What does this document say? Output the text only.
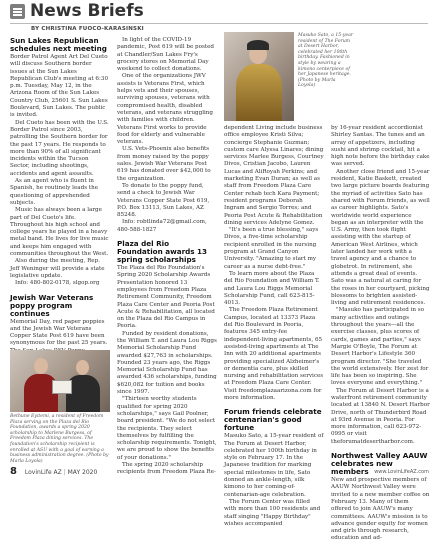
News Briefs
BY CHRISTINA FUOCO-KARASINSKI
Sun Lakes Republican schedules next meeting

Border Patrol Agent Art Del Cueto will discuss Southern border issues at the Sun Lakes Republican Club's meeting at 6:30 p.m. Tuesday, May 12, in the Arizona Room of the Sun Lakes Country Club, 25601 S. Sun Lakes Boulevard, Sun Lakes. The public is invited.

Del Cueto has been with the U.S. Border Patrol since 2003, patrolling the Southern border for the past 17 years. He responds to more than 90% of all significant incidents within the Tucson Sector, including shootings, accidents and agent assaults.

As an agent who is fluent in Spanish, he routinely leads the questioning of apprehended subjects.

Music has always been a large part of Del Cueto's life. Throughout his high school and college years he played in a heavy metal band. He lives for live music and keeps him engaged with communities throughout the West.

Also during the meeting, Rep. Jeff Weninger will provide a state legislative update.

Info: 480-802-0178, slgop.org

Jewish War Veterans poppy program continues

Memorial Day, red paper poppies and the Jewish War Veterans Copper State Post 619 have been synonymous for the past 25 years.

In light of the COVID-19 pandemic, Post 619 will be posted at Chandler/Sun Lakes Fry's grocery stores on Memorial Day weekend to collect donations.

One of the organizations JWV assists is Veterans First, which helps vets and their spouses, surviving spouses, veterans with compromised health, disabled veterans, and veterans struggling with families with children. Veterans First works to provide food for elderly and vulnerable veterans.

U.S. Vets-Phoenix also benefits from money raised by the poppy sales. Jewish War Veterans Post 619 has donated over $42,000 to the organization.

To donate to the poppy fund, send a check to Jewish War Veterans Copper State Post 619, P.O. Box 13113, Sun Lakes, AZ 85248.

Info: robtlinda72@gmail.com, 480-588-1827

Plaza del Rio Foundation awards 13 spring scholarships

The Plaza del Rio Foundation's Spring 2020 Scholarship Awards Presentation honored 13 employees from Freedom Plaza Retirement Community, Freedom Plaza Care Center and Peoria Post Acute & Rehabilitation, all located on the Plaza del Rio Campus in Peoria.

Funded by resident donations, the William T. and Laura Lou Riggs Memorial Scholarship Fund awarded $27,763 in scholarships. Founded 23 years ago, the Riggs Memorial Scholarship Fund has awarded 436 scholarships, funding $620,082 for tuition and books since 1997.

"Thirteen worthy students qualified for spring 2020 scholarships," says Gail Poolner, board president. "We do not select the recipients. They select themselves by fulfilling the scholarship requirements. Tonight, we are proud to show the benefits of your donations."

The spring 2020 scholarship recipients from Freedom Plaza Re-

Bethune Eyitemi, a resident of Freedom Plaza serving on the Plaza del Rio Foundation, awards a spring 2020 scholarship to Marlene Burgess, of Freedom Plaza dining services. The foundation's scholarship recipient is enrolled at ASU with a goal of earning a business administration degree. (Photo by Marla Loyola)
Masuko Sato, a 15-year resident of The Forum at Desert Harbor, celebrated her 100th birthday. Fashioned in style by wearing a kimono centerpiece of her Japanese heritage. (Photo by Marla Loyola)

dependent Living include business office employee Kristi Silva; concierge Stephanie Guzman; custom care Alyssa Linares; dining services Marlee Burgess, Courtney Divos, Cristian Jacobo, Lauren Lucas and AliRoyah Perkins; and marketing Evan Duran; as well as staff from Freedom Plaza Care Center rehab tech Kara Payment; resident programs Deborah Ingram and Sergio Torres; and Peoria Post Acute & Rehabilitation dining services Adelyne Gomez.

"It's been a true blessing," says Divos, a five-time scholarship recipient enrolled in the nursing program at Grand Canyon University. "Amazing to start my career as a nurse debt-free."

To learn more about the Plaza del Rio Foundation and William T. and Laura Lou Riggs Memorial Scholarship Fund, call 623-815-4013.

The Freedom Plaza Retirement Campus, located at 13373 Plaza del Rio Boulevard in Peoria, features 345 entry-fee independent-living apartments, 65 assisted-living apartments at The Inn with 20 additional apartments providing specialized Alzheimer's or dementia care, plus skilled nursing and rehabilitation services at Freedom Plaza Care Center. Visit freedomplazaarizona.com for more information.

Forum friends celebrate centenarian's good fortune

Masuko Sato, a 15-year resident of The Forum at Desert Harbor, celebrated her 100th birthday in style on February 17. In the Japanese tradition for marking special milestones in life, Sato donned an ankle-length, silk kimono to her coming-of-centenarian-age celebration.

The Forum Center was filled with more than 100 residents and staff singing "Happy Birthday" wishes accompanied

by 16-year resident accordionist Shirley Santas. The tunes and an array of appetizers, including sushi and shrimp cocktail, hit a high note before the birthday cake was served.

Another close friend and 15-year resident, Katie Baskett, created two large picture boards featuring the myriad of activities Sato has shared with Forum friends, as well as career highlights. Sato's worldwide world experience began as an interpreter with the U.S. Army, then took flight assisting with the startup of American West Airlines, which later landed her work with a travel agency and a chance to globetrot. In retirement, she attends a great deal of events. Sato was a natural at caring for the roses in her courtyard, picking blossoms to brighten assisted-living and retirement residences.

"Masuko has participated in so many activities and outings throughout the years—all the exercise classes, plus scores of cards, games and parties," says Margie O'Boyle, The Forum at Desert Harbor's Lifestyle 360 program director. "She traveled the world extensively. Her zest for life has been so inspiring. She loves everyone and everything."

The Forum at Desert Harbor is a waterfront retirement community located at 13840 N. Desert Harbor Drive, north of Thunderbird Road at 93rd Avenue in Peoria. For more information, call 623-972-0995 or visit theforumatdesertharbor.com.

Northwest Valley AAUW celebrates new members

New and prospective members of AAUW Northwest Valley were invited to a new member coffee on February 13. Many of them offered to join AAUW's many committees. AAUW's mission is to advance gender equity for women and girls through research, education and ad-

8 LovinLife AZ | MAY 2020	www.LovinLifeAZ.com
